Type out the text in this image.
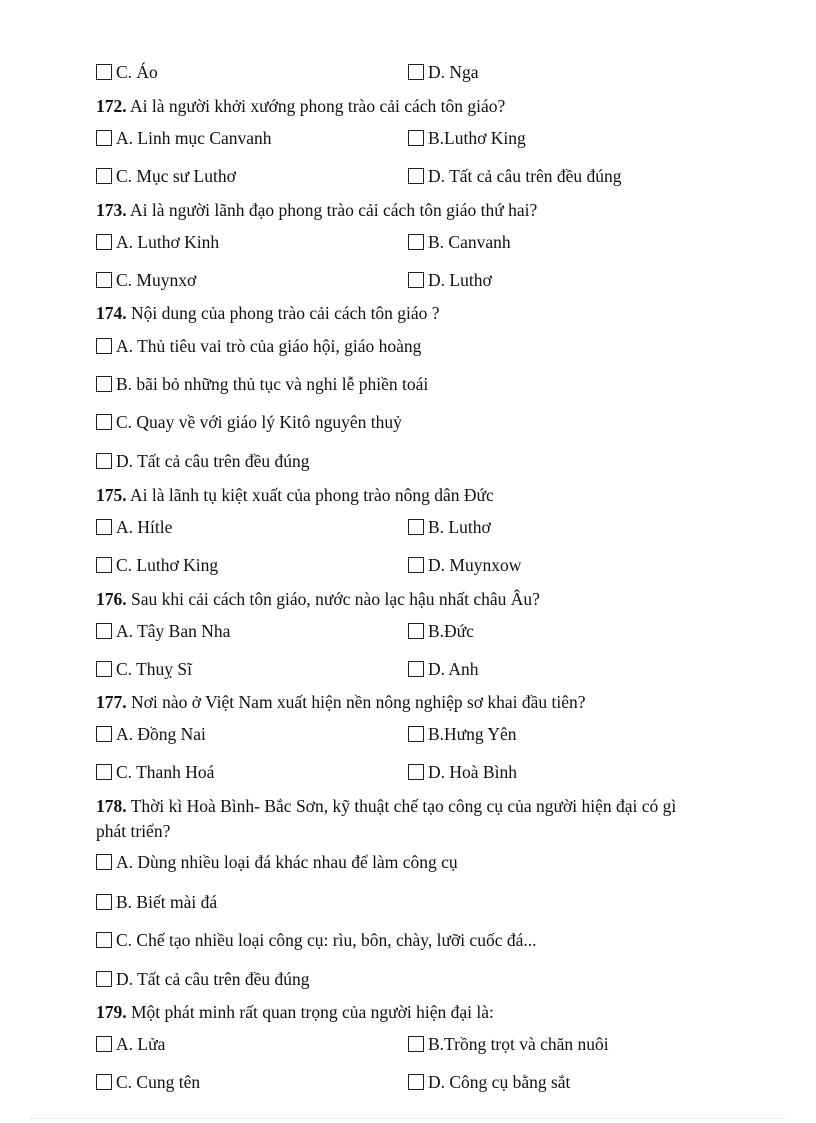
C. Áo	D. Nga
172. Ai là người khởi xướng phong trào cải cách tôn giáo?
A. Linh mục Canvanh	B.Luthơ King
C. Mục sư Luthơ	D. Tất cả câu trên đều đúng
173. Ai là người lãnh đạo phong trào cải cách tôn giáo thứ hai?
A. Luthơ Kinh	B. Canvanh
C. Muynxơ	D. Luthơ
174. Nội dung của phong trào cải cách tôn giáo ?
A. Thủ tiêu vai trò của giáo hội, giáo hoàng
B. bãi bỏ những thủ tục và nghi lễ phiền toái
C. Quay về với giáo lý Kitô nguyên thuỷ
D. Tất cả câu trên đều đúng
175. Ai là lãnh tụ kiệt xuất của phong trào nông dân Đức
A. Hítle	B. Luthơ
C. Luthơ King	D. Muynxow
176. Sau khi cải cách tôn giáo, nước nào lạc hậu nhất châu Âu?
A. Tây Ban Nha	B.Đức
C. Thuỵ Sĩ	D. Anh
177. Nơi nào ở Việt Nam xuất hiện nền nông nghiệp sơ khai đầu tiên?
A. Đồng Nai	B.Hưng Yên
C. Thanh Hoá	D. Hoà Bình
178. Thời kì Hoà Bình- Bắc Sơn, kỹ thuật chế tạo công cụ của người hiện đại có gì
phát triển?
A. Dùng nhiều loại đá khác nhau để làm công cụ
B. Biết mài đá
C. Chế tạo nhiều loại công cụ: rìu, bôn, chày, lưỡi cuốc đá...
D. Tất cả câu trên đều đúng
179. Một phát minh rất quan trọng của người hiện đại là:
A. Lửa	B.Trồng trọt và chăn nuôi
C. Cung tên	D. Công cụ bằng sắt
